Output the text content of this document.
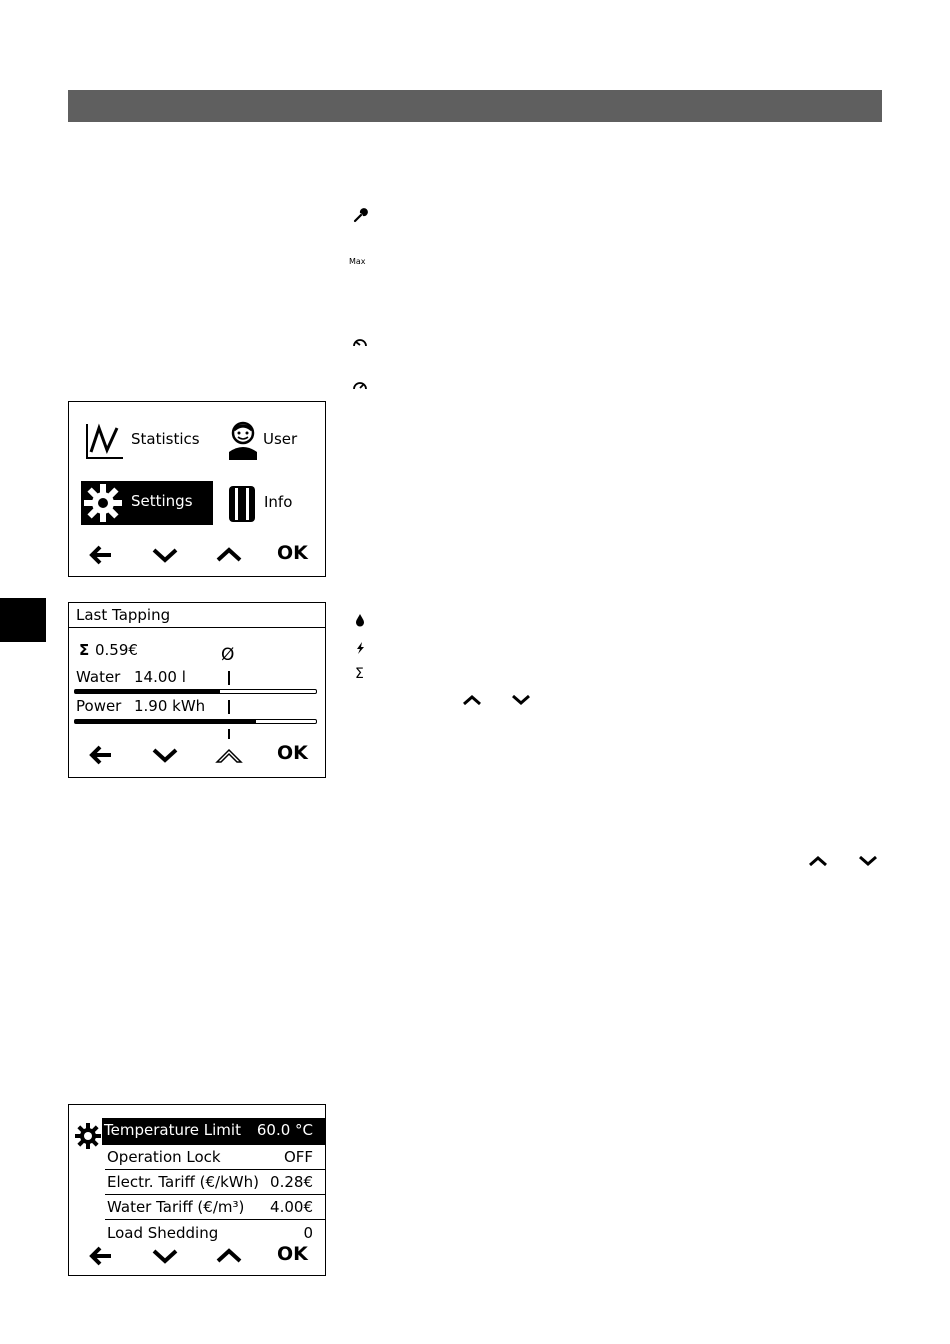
Max
Σ
Statistics	User
Settings	Info
OK
Last Tapping
Σ 0.59€	Ø
Water 14.00 l
Power 1.90 kWh
OK
Temperature Limit 60.0 °C
Operation Lock	OFF
Electr. Tariff (€/kWh) 0.28€
Water Tariff (€/m³) 4.00€
Load Shedding	0
OK
